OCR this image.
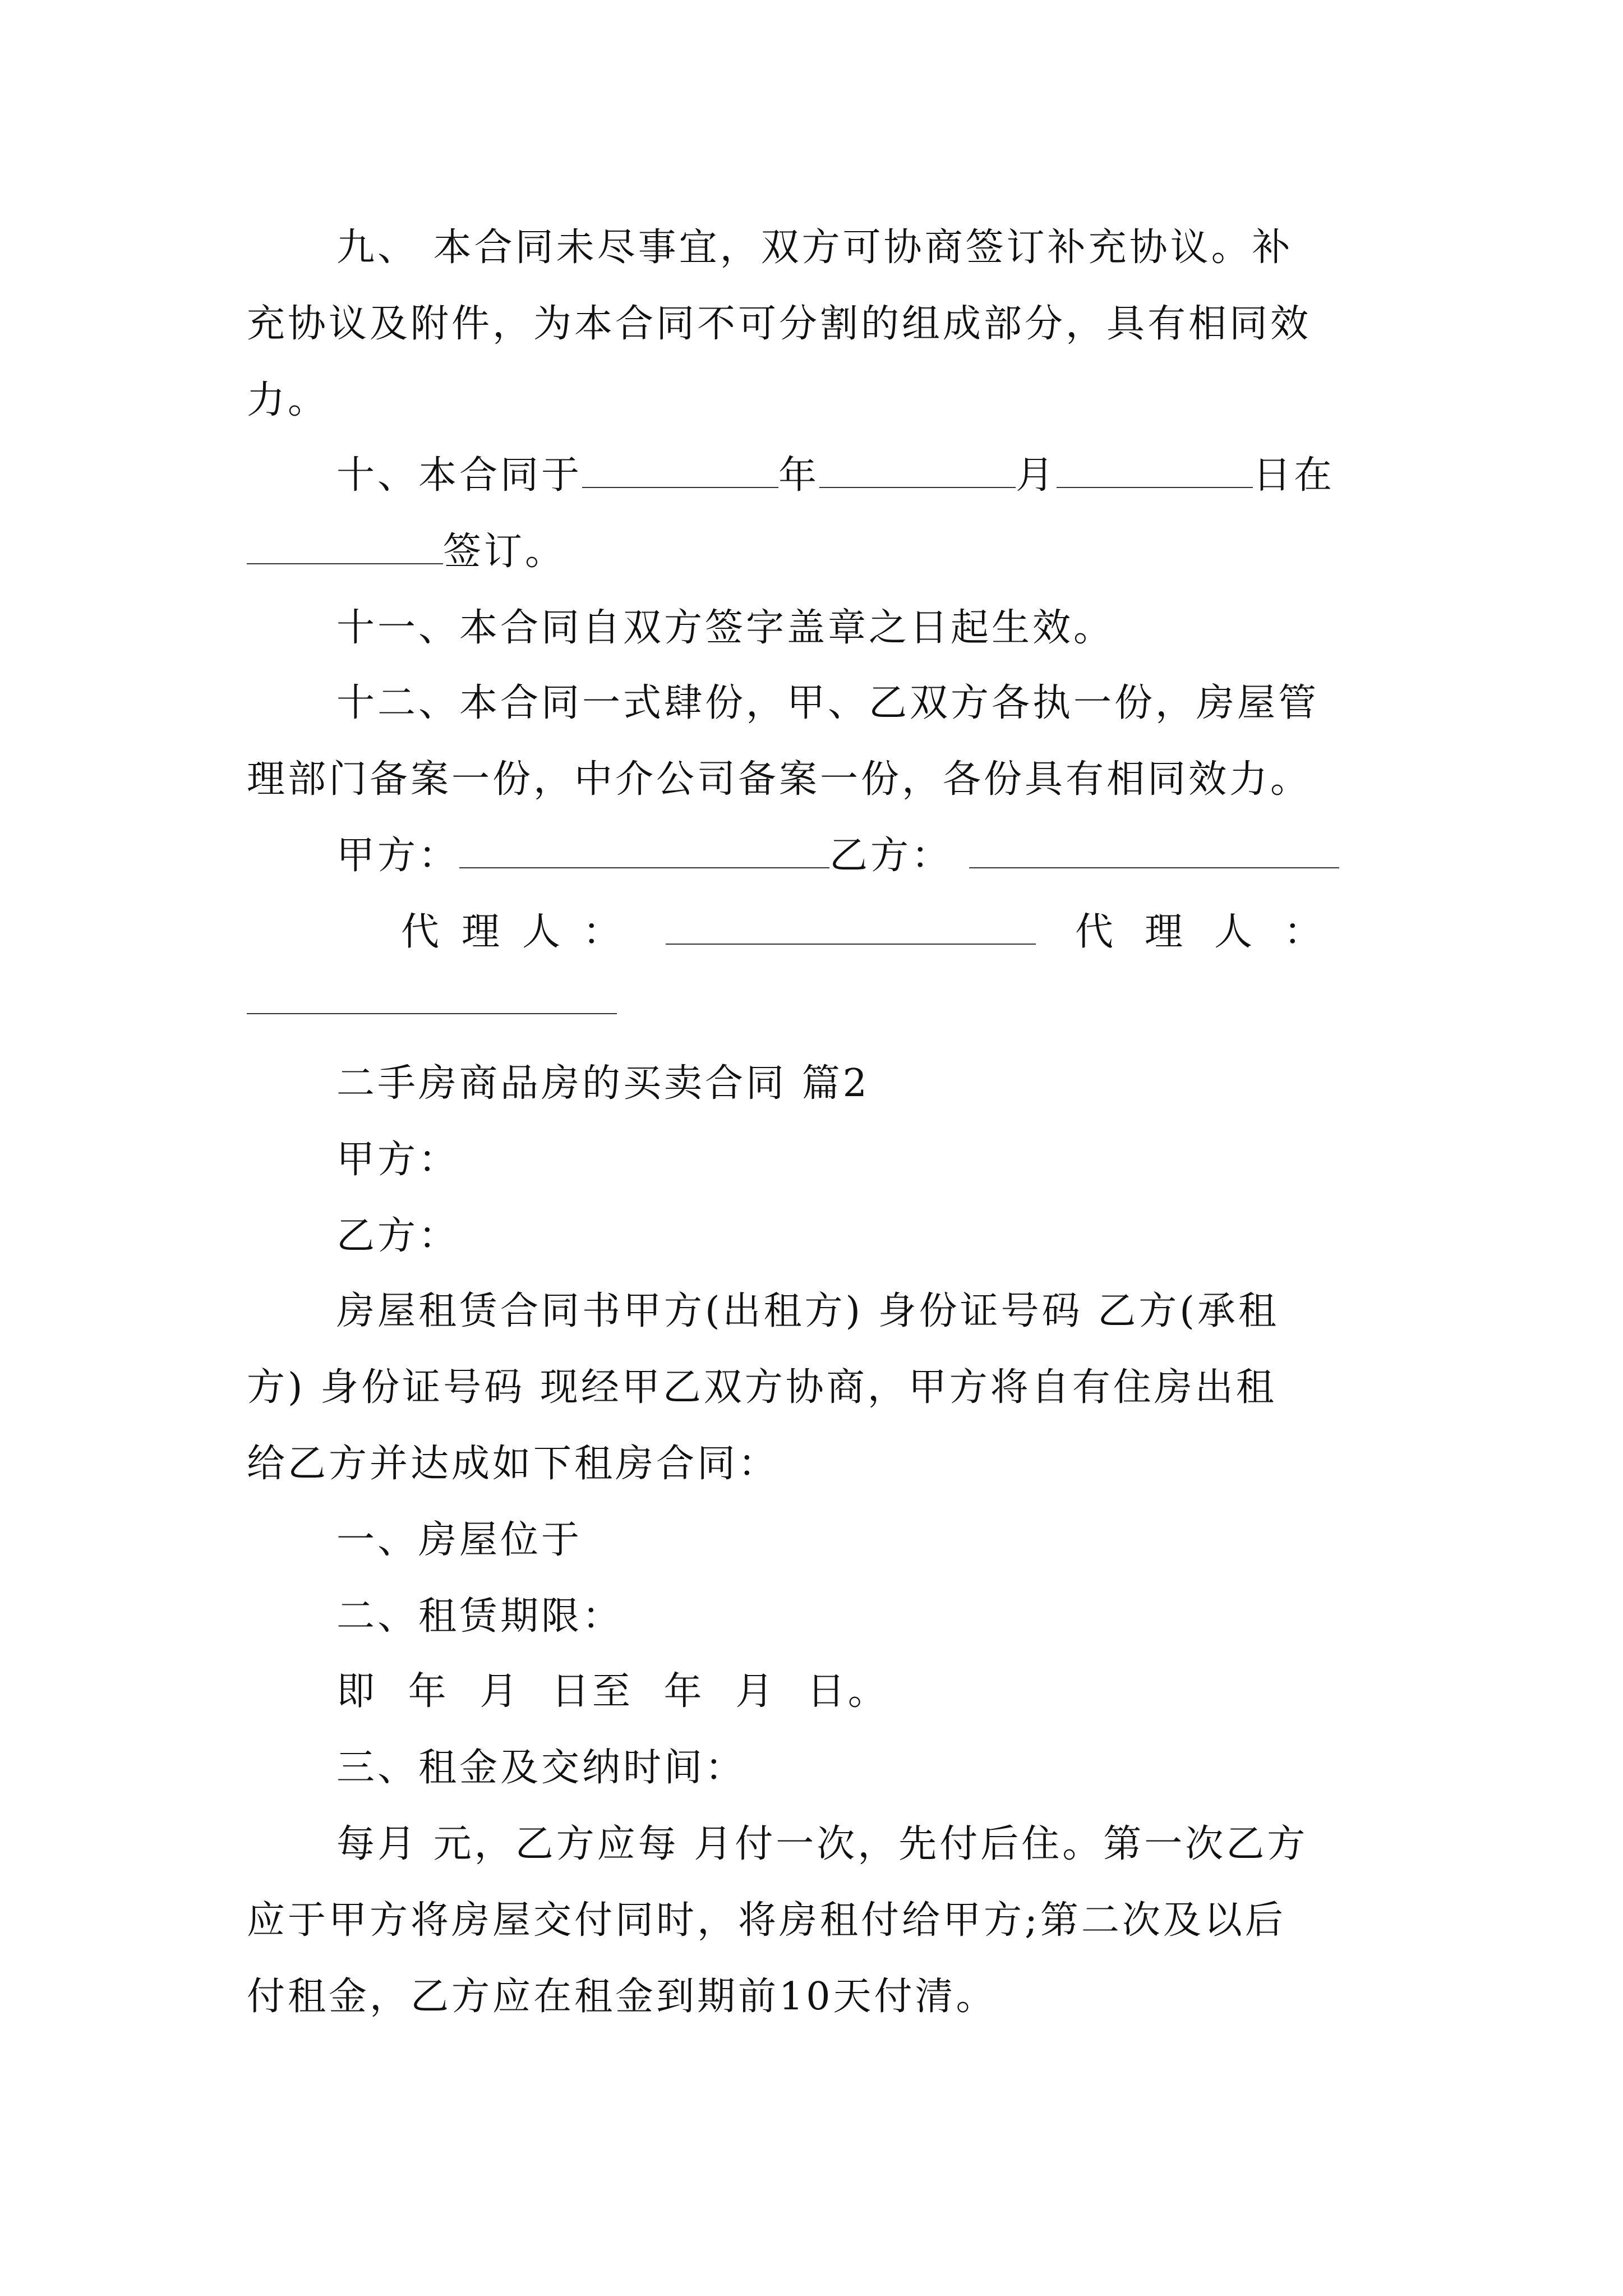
九、 本合同未尽事宜，双方可协商签订补充协议。补
充协议及附件，为本合同不可分割的组成部分，具有相同效
力。
十、本合同于	年	月	日在
签订。
十一、本合同自双方签字盖章之日起生效。
十二、本合同一式肆份，甲、乙双方各执一份，房屋管
理部门备案一份，中介公司备案一份，各份具有相同效力。
甲方：	乙方：
代理人：	代理人：
二手房商品房的买卖合同 篇2
甲方：
乙方：
房屋租赁合同书甲方(出租方) 身份证号码 乙方(承租
方) 身份证号码 现经甲乙双方协商，甲方将自有住房出租
给乙方并达成如下租房合同：
一、房屋位于
二、租赁期限：
即 年 月 日至 年 月 日。
三、租金及交纳时间：
每月 元，乙方应每 月付一次，先付后住。第一次乙方
应于甲方将房屋交付同时，将房租付给甲方;第二次及以后
付租金，乙方应在租金到期前10天付清。
